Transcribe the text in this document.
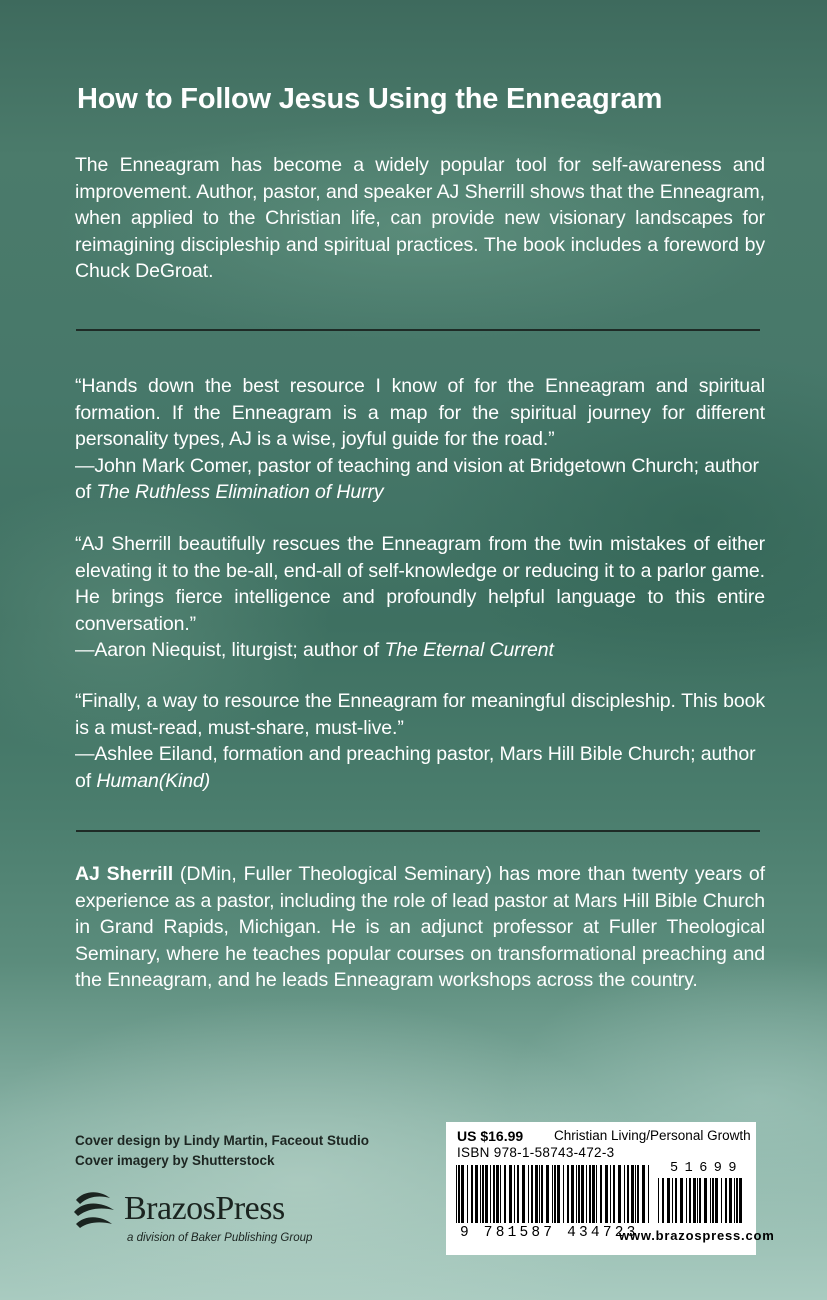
How to Follow Jesus Using the Enneagram

The Enneagram has become a widely popular tool for self-awareness and improvement. Author, pastor, and speaker AJ Sherrill shows that the Enneagram, when applied to the Christian life, can provide new visionary landscapes for reimagining discipleship and spiritual practices. The book includes a foreword by Chuck DeGroat.

“Hands down the best resource I know of for the Enneagram and spiritual formation. If the Enneagram is a map for the spiritual journey for different personality types, AJ is a wise, joyful guide for the road.”

—John Mark Comer, pastor of teaching and vision at Bridgetown Church; author of The Ruthless Elimination of Hurry

“AJ Sherrill beautifully rescues the Enneagram from the twin mistakes of either elevating it to the be-all, end-all of self-knowledge or reducing it to a parlor game. He brings fierce intelligence and profoundly helpful language to this entire conversation.”

—Aaron Niequist, liturgist; author of The Eternal Current

“Finally, a way to resource the Enneagram for meaningful discipleship. This book is a must-read, must-share, must-live.”

—Ashlee Eiland, formation and preaching pastor, Mars Hill Bible Church; author of Human(Kind)

AJ Sherrill (DMin, Fuller Theological Seminary) has more than twenty years of experience as a pastor, including the role of lead pastor at Mars Hill Bible Church in Grand Rapids, Michigan. He is an adjunct professor at Fuller Theological Seminary, where he teaches popular courses on transformational preaching and the Enneagram, and he leads Enneagram workshops across the country.

Cover design by Lindy Martin, Faceout Studio
Cover imagery by Shutterstock
BrazosPress
a division of Baker Publishing Group
US $16.99 Christian Living/Personal Growth
ISBN 978-1-58743-472-3
51699
9 781587 434723
www.brazospress.com
